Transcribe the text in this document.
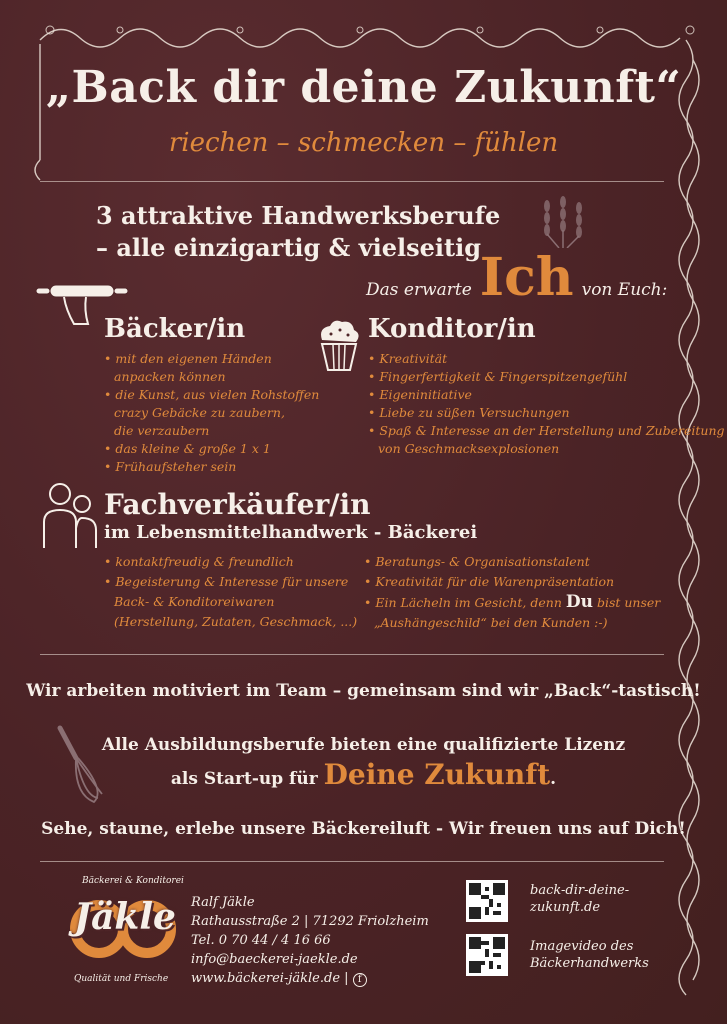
„Back dir deine Zukunft“
riechen – schmecken – fühlen
3 attraktive Handwerksberufe
– alle einzigartig & vielseitig
Das erwarte Ich von Euch:
Bäcker/in
• mit den eigenen Händen
anpacken können
• die Kunst, aus vielen Rohstoffen
crazy Gebäcke zu zaubern,
die verzaubern
• das kleine & große 1 x 1
• Frühaufsteher sein
Konditor/in
• Kreativität
• Fingerfertigkeit & Fingerspitzengefühl
• Eigeninitiative
• Liebe zu süßen Versuchungen
• Spaß & Interesse an der Herstellung und Zubereitung
von Geschmacksexplosionen
Fachverkäufer/in
im Lebensmittelhandwerk - Bäckerei
• kontaktfreudig & freundlich
• Begeisterung & Interesse für unsere
Back- & Konditoreiwaren
(Herstellung, Zutaten, Geschmack, ...)
• Beratungs- & Organisationstalent
• Kreativität für die Warenpräsentation
• Ein Lächeln im Gesicht, denn Du bist unser
„Aushängeschild“ bei den Kunden :-)
Wir arbeiten motiviert im Team – gemeinsam sind wir „Back“-tastisch!
Alle Ausbildungsberufe bieten eine qualifizierte Lizenz
als Start-up für Deine Zukunft.
Sehe, staune, erlebe unsere Bäckereiluft - Wir freuen uns auf Dich!
Bäckerei & Konditorei
Jäkle
Qualität und Frische
Ralf Jäkle
Rathausstraße 2 | 71292 Friolzheim
Tel. 0 70 44 / 4 16 66
info@baeckerei-jaekle.de
www.bäckerei-jäkle.de | f
back-dir-deine-
zukunft.de
Imagevideo des
Bäckerhandwerks
